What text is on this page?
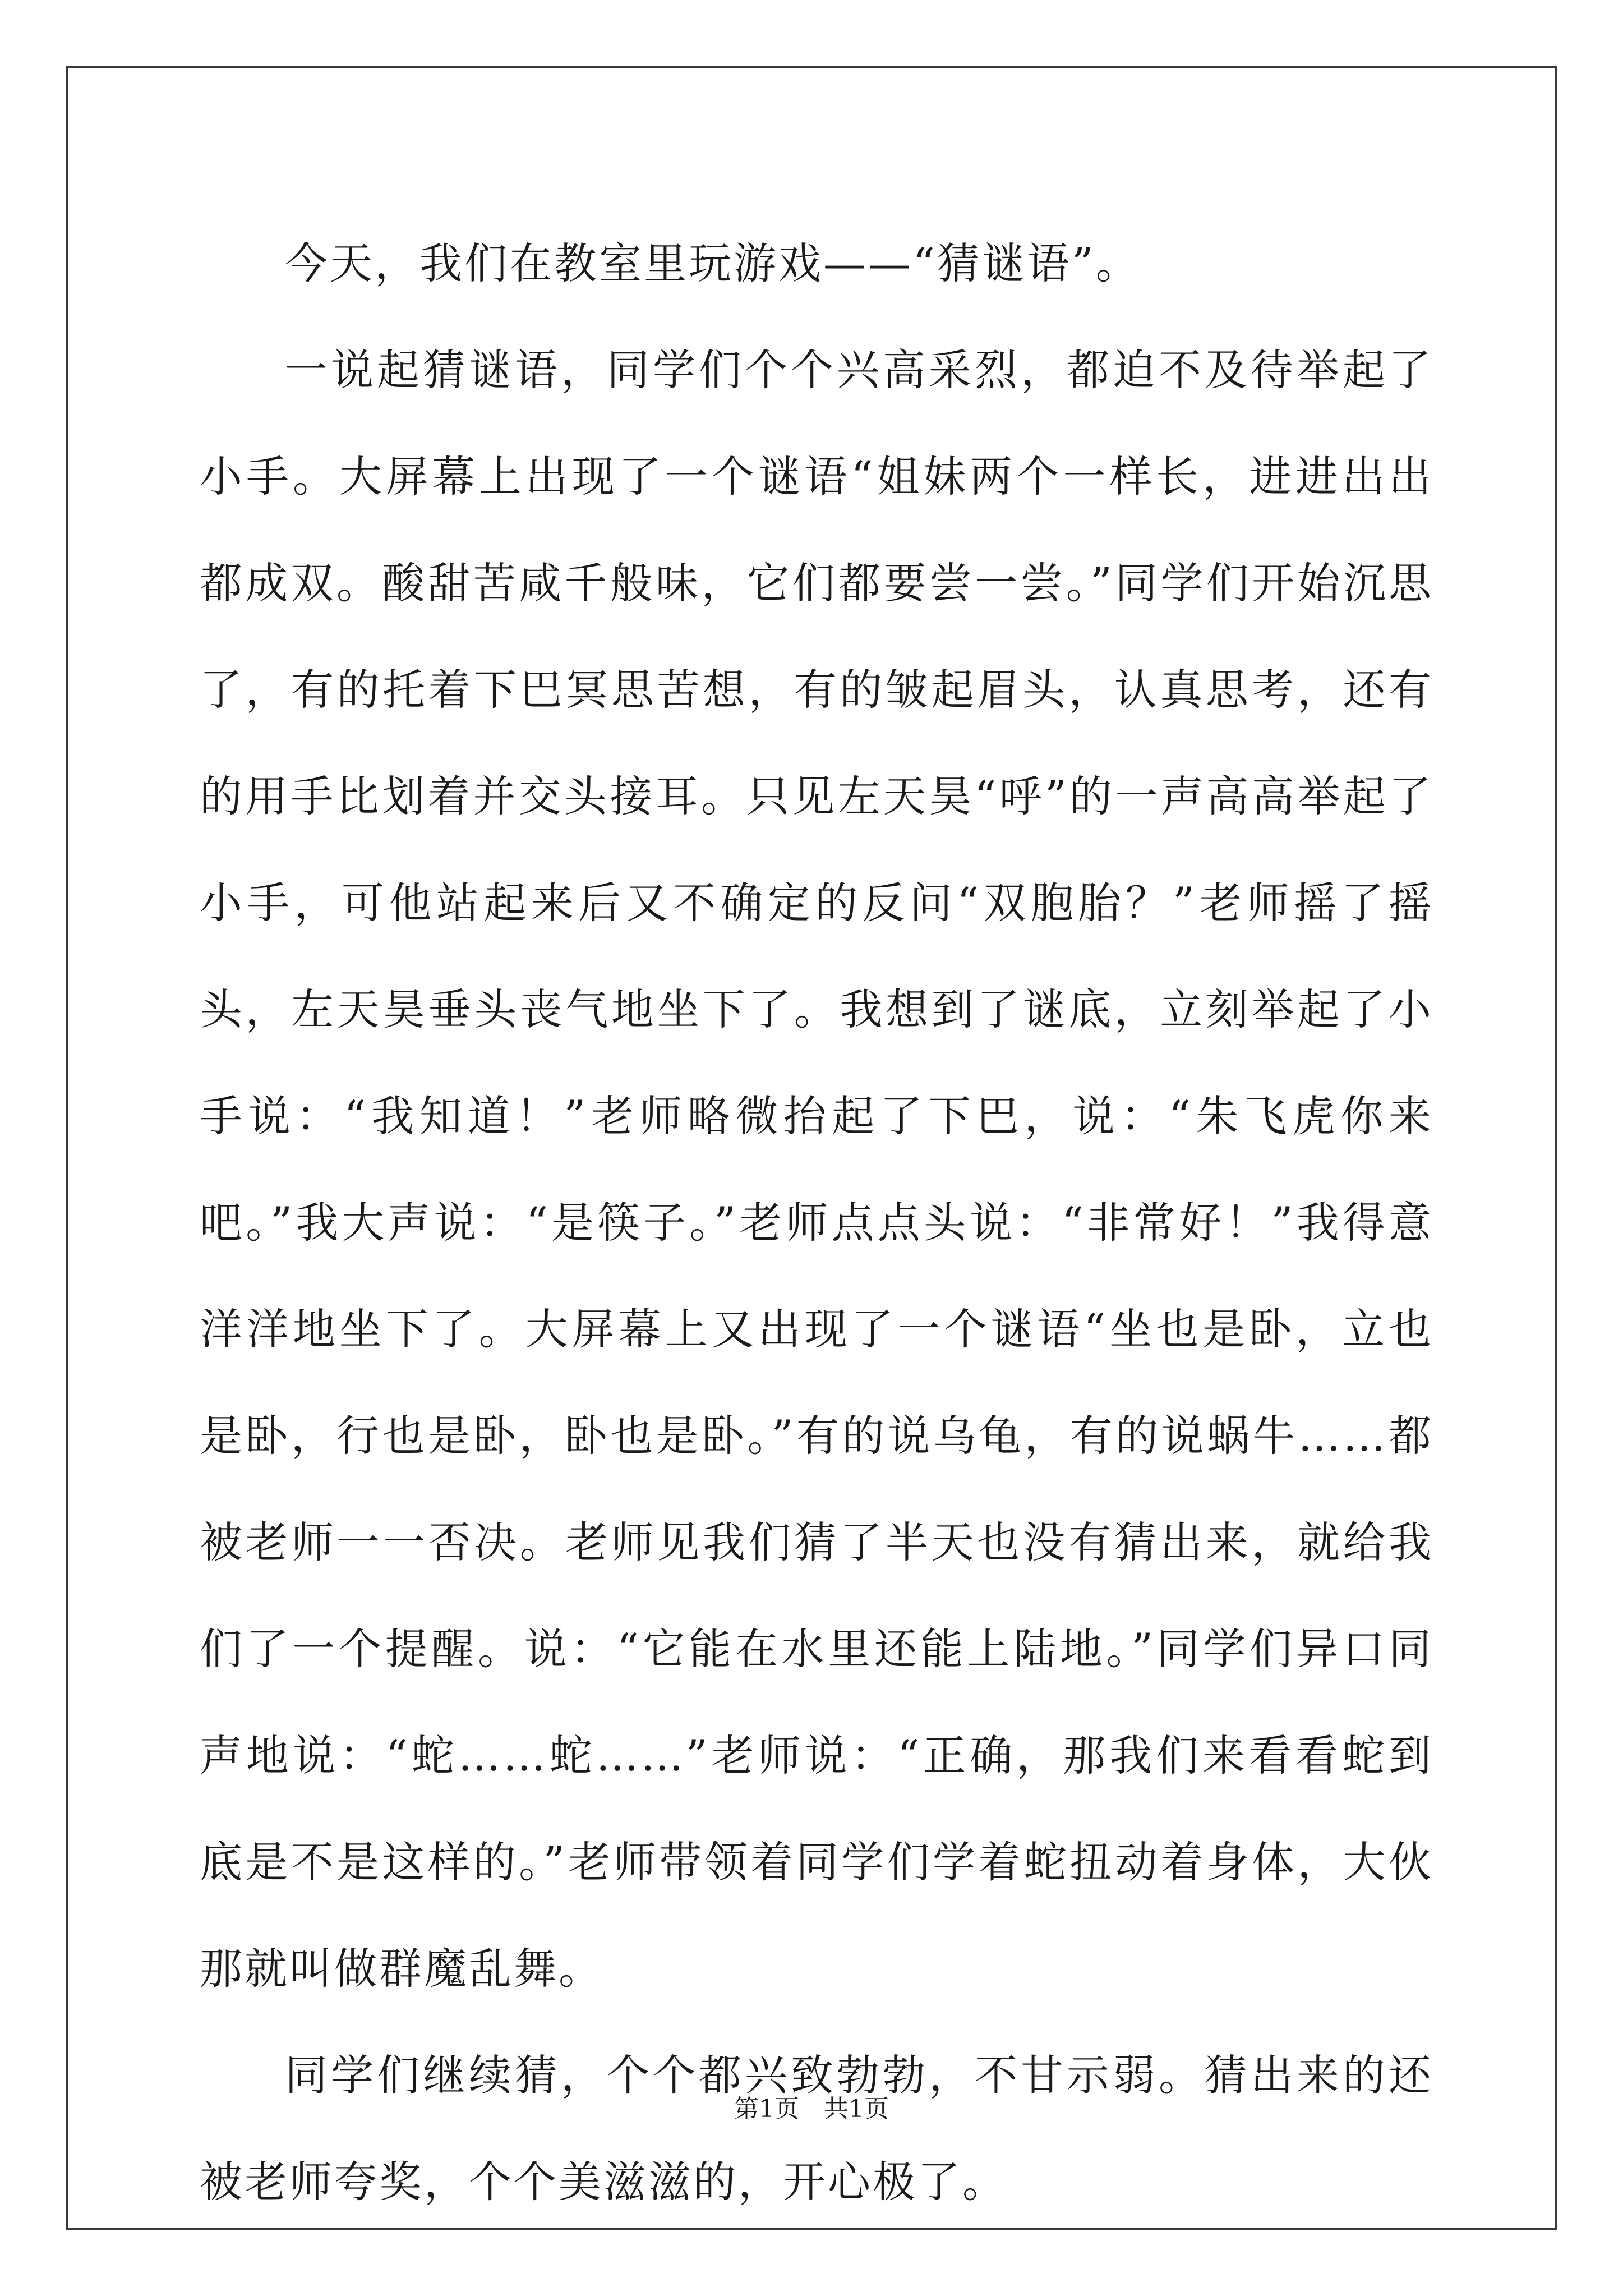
今天，我们在教室里玩游戏——“猜谜语”。

一说起猜谜语，同学们个个兴高采烈，都迫不及待举起了小手。大屏幕上出现了一个谜语“姐妹两个一样长，进进出出都成双。酸甜苦咸千般味，它们都要尝一尝。”同学们开始沉思了，有的托着下巴冥思苦想，有的皱起眉头，认真思考，还有的用手比划着并交头接耳。只见左天昊“呼”的一声高高举起了小手，可他站起来后又不确定的反问“双胞胎？”老师摇了摇头，左天昊垂头丧气地坐下了。我想到了谜底，立刻举起了小手说：“我知道！”老师略微抬起了下巴，说：“朱飞虎你来吧。”我大声说：“是筷子。”老师点点头说：“非常好！”我得意洋洋地坐下了。大屏幕上又出现了一个谜语“坐也是卧，立也是卧，行也是卧，卧也是卧。”有的说乌龟，有的说蜗牛……都被老师一一否决。老师见我们猜了半天也没有猜出来，就给我们了一个提醒。说：“它能在水里还能上陆地。”同学们异口同声地说：“蛇……蛇……”老师说：“正确，那我们来看看蛇到底是不是这样的。”老师带领着同学们学着蛇扭动着身体，大伙那就叫做群魔乱舞。

同学们继续猜，个个都兴致勃勃，不甘示弱。猜出来的还被老师夸奖，个个美滋滋的，开心极了。

第1页　共1页
